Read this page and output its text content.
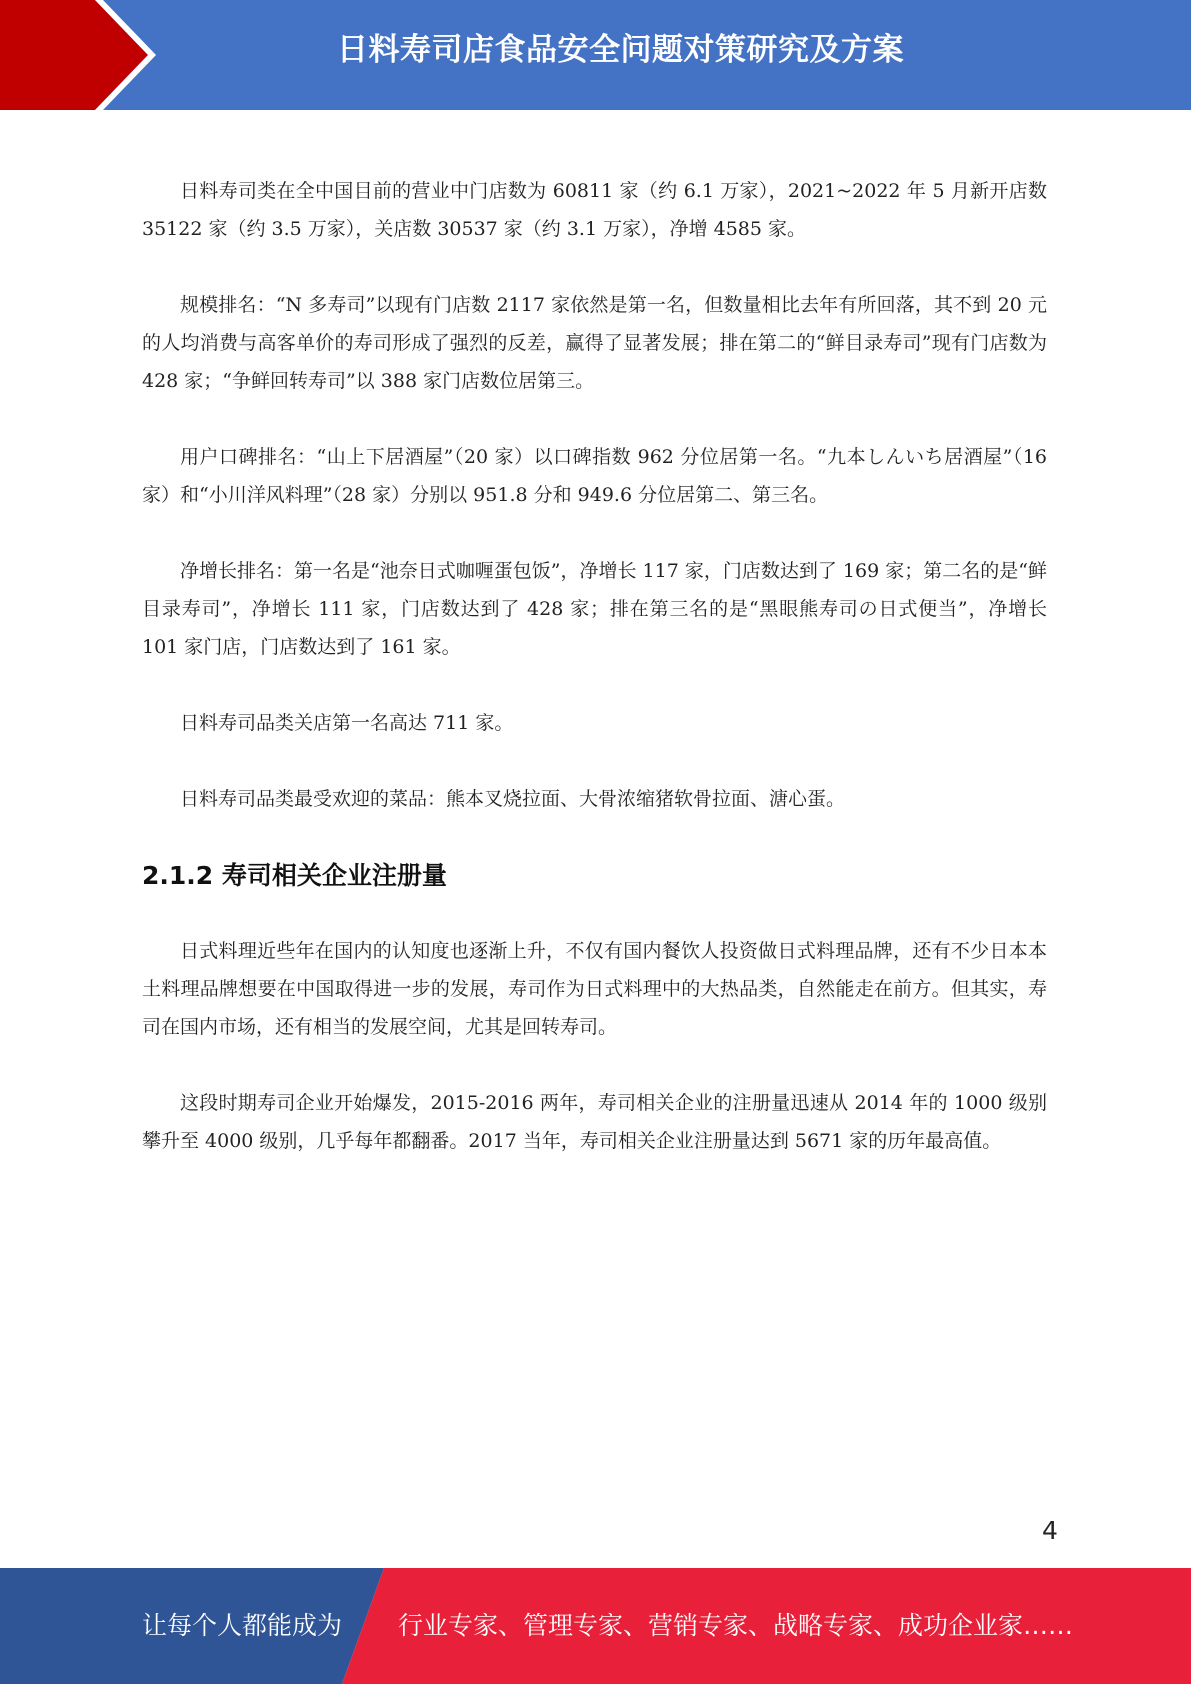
日料寿司店食品安全问题对策研究及方案

日料寿司类在全中国目前的营业中门店数为 60811 家（约 6.1 万家），2021~2022 年 5 月新开店数 35122 家（约 3.5 万家），关店数 30537 家（约 3.1 万家），净增 4585 家。

规模排名：“N 多寿司”以现有门店数 2117 家依然是第一名，但数量相比去年有所回落，其不到 20 元的人均消费与高客单价的寿司形成了强烈的反差，赢得了显著发展；排在第二的“鲜目录寿司”现有门店数为 428 家；“争鲜回转寿司”以 388 家门店数位居第三。

用户口碑排名：“山上下居酒屋”（20 家）以口碑指数 962 分位居第一名。“九本しんいち居酒屋”（16 家）和“小川洋风料理”（28 家）分别以 951.8 分和 949.6 分位居第二、第三名。

净增长排名：第一名是“池奈日式咖喱蛋包饭”，净增长 117 家，门店数达到了 169 家；第二名的是“鲜目录寿司”，净增长 111 家，门店数达到了 428 家；排在第三名的是“黑眼熊寿司の日式便当”，净增长 101 家门店，门店数达到了 161 家。

日料寿司品类关店第一名高达 711 家。

日料寿司品类最受欢迎的菜品：熊本叉烧拉面、大骨浓缩猪软骨拉面、溏心蛋。

2.1.2 寿司相关企业注册量

日式料理近些年在国内的认知度也逐渐上升，不仅有国内餐饮人投资做日式料理品牌，还有不少日本本土料理品牌想要在中国取得进一步的发展，寿司作为日式料理中的大热品类，自然能走在前方。但其实，寿司在国内市场，还有相当的发展空间，尤其是回转寿司。

这段时期寿司企业开始爆发，2015-2016 两年，寿司相关企业的注册量迅速从 2014 年的 1000 级别攀升至 4000 级别，几乎每年都翻番。2017 当年，寿司相关企业注册量达到 5671 家的历年最高值。

4
让每个人都能成为 行业专家、管理专家、营销专家、战略专家、成功企业家……
